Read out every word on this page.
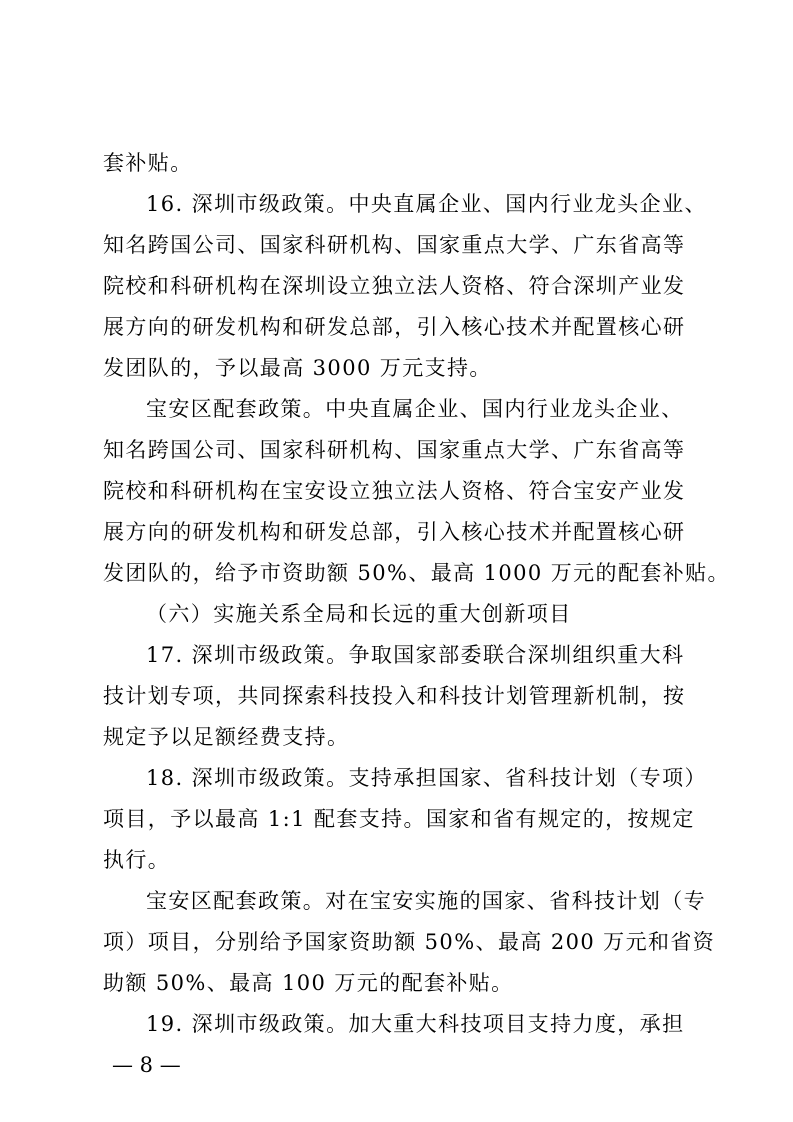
套补贴。
16. 深圳市级政策。中央直属企业、国内行业龙头企业、
知名跨国公司、国家科研机构、国家重点大学、广东省高等
院校和科研机构在深圳设立独立法人资格、符合深圳产业发
展方向的研发机构和研发总部，引入核心技术并配置核心研
发团队的，予以最高 3000 万元支持。
宝安区配套政策。中央直属企业、国内行业龙头企业、
知名跨国公司、国家科研机构、国家重点大学、广东省高等
院校和科研机构在宝安设立独立法人资格、符合宝安产业发
展方向的研发机构和研发总部，引入核心技术并配置核心研
发团队的，给予市资助额 50%、最高 1000 万元的配套补贴。
（六）实施关系全局和长远的重大创新项目
17. 深圳市级政策。争取国家部委联合深圳组织重大科
技计划专项，共同探索科技投入和科技计划管理新机制，按
规定予以足额经费支持。
18. 深圳市级政策。支持承担国家、省科技计划（专项）
项目，予以最高 1:1 配套支持。国家和省有规定的，按规定
执行。
宝安区配套政策。对在宝安实施的国家、省科技计划（专
项）项目，分别给予国家资助额 50%、最高 200 万元和省资
助额 50%、最高 100 万元的配套补贴。
19. 深圳市级政策。加大重大科技项目支持力度，承担
— 8 —
